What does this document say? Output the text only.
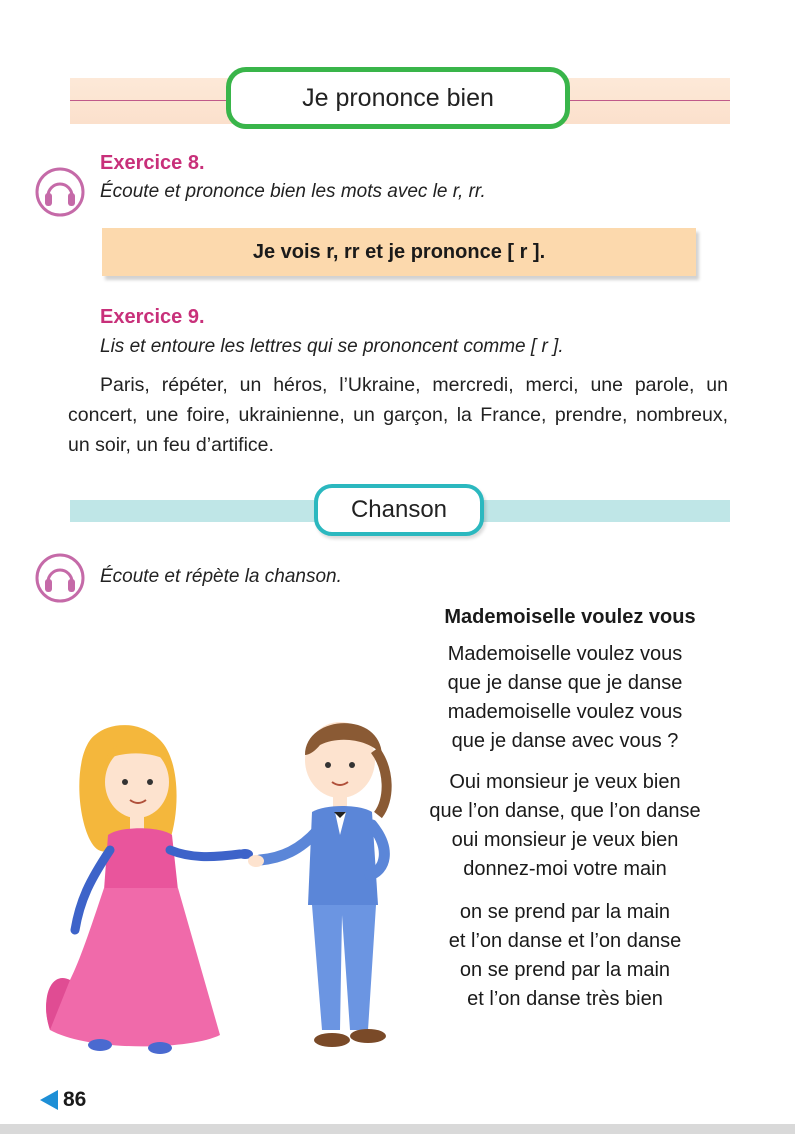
Je prononce bien
Exercice 8.
Écoute et prononce bien les mots avec le r, rr.
Je vois r, rr et je prononce [ r ].
Exercice 9.
Lis et entoure les lettres qui se prononcent comme [ r ].
Paris, répéter, un héros, l’Ukraine, mercredi, merci, une parole, un concert, une foire, ukrainienne, un garçon, la France, prendre, nombreux, un soir, un feu d’artifice.
Chanson
Écoute et répète la chanson.
Mademoiselle voulez vous
Mademoiselle voulez vous
que je danse que je danse
mademoiselle voulez vous
que je danse avec vous ?
Oui monsieur je veux bien
que l’on danse, que l’on danse
oui monsieur je veux bien
donnez-moi votre main
on se prend par la main
et l’on danse et l’on danse
on se prend par la main
et l’on danse très bien
86
